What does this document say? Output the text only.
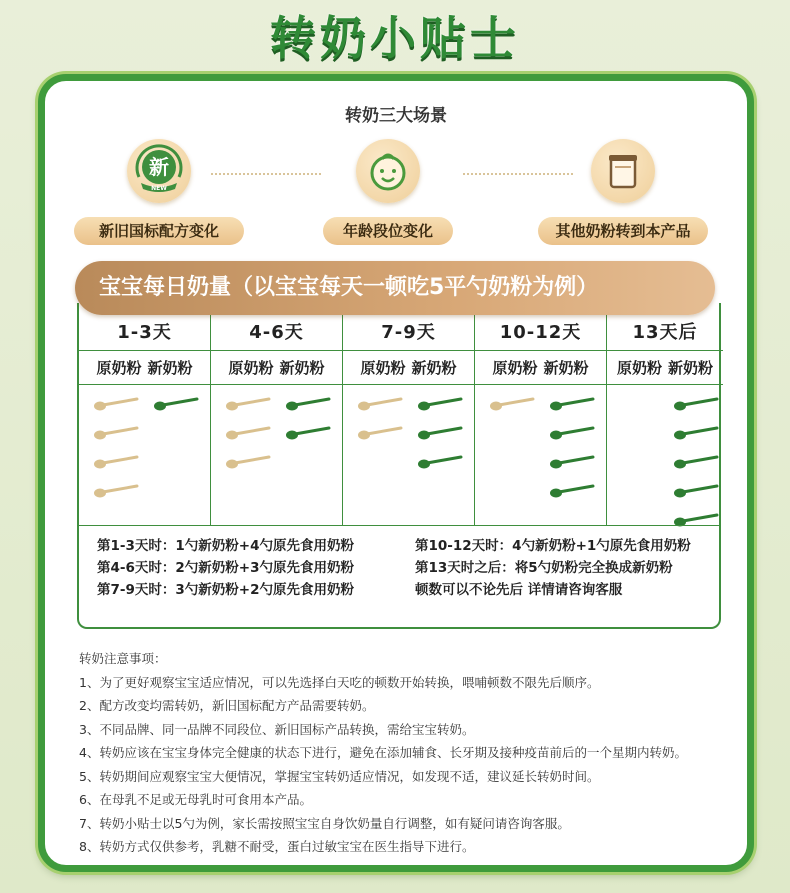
转奶小贴士
转奶三大场景
新
NEW
新旧国标配方变化	年龄段位变化	其他奶粉转到本产品
宝宝每日奶量（以宝宝每天一顿吃5平勺奶粉为例）
1-3天
原奶粉 新奶粉
4-6天
原奶粉 新奶粉
7-9天
原奶粉 新奶粉
10-12天
原奶粉 新奶粉
13天后
原奶粉 新奶粉
第1-3天时：1勺新奶粉+4勺原先食用奶粉
第4-6天时：2勺新奶粉+3勺原先食用奶粉
第7-9天时：3勺新奶粉+2勺原先食用奶粉
第10-12天时：4勺新奶粉+1勺原先食用奶粉
第13天时之后：将5勺奶粉完全换成新奶粉
顿数可以不论先后 详情请咨询客服
转奶注意事项：
1、为了更好观察宝宝适应情况，可以先选择白天吃的顿数开始转换，喂哺顿数不限先后顺序。
2、配方改变均需转奶，新旧国标配方产品需要转奶。
3、不同品牌、同一品牌不同段位、新旧国标产品转换，需给宝宝转奶。
4、转奶应该在宝宝身体完全健康的状态下进行，避免在添加辅食、长牙期及接种疫苗前后的一个星期内转奶。
5、转奶期间应观察宝宝大便情况，掌握宝宝转奶适应情况，如发现不适，建议延长转奶时间。
6、在母乳不足或无母乳时可食用本产品。
7、转奶小贴士以5勺为例，家长需按照宝宝自身饮奶量自行调整，如有疑问请咨询客服。
8、转奶方式仅供参考，乳糖不耐受，蛋白过敏宝宝在医生指导下进行。
